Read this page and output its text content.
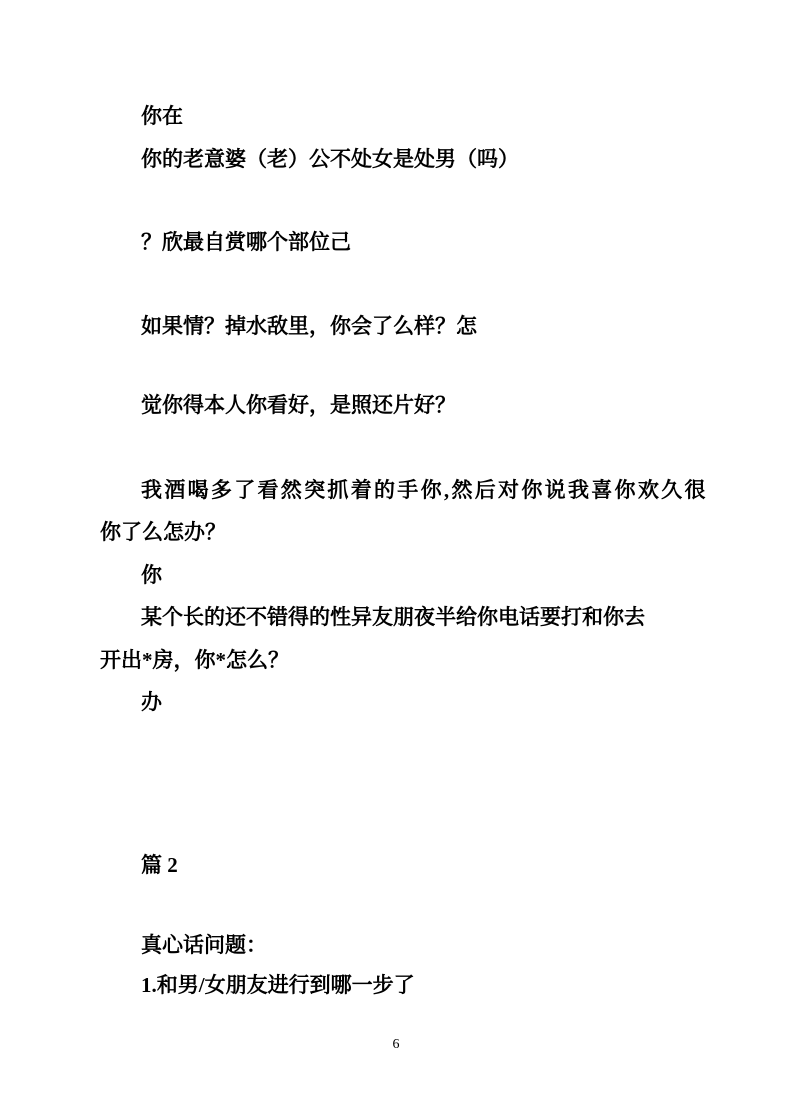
你在
你的老意婆（老）公不处女是处男（吗）
？欣最自赏哪个部位己
如果情？掉水敌里，你会了么样？怎
觉你得本人你看好，是照还片好？
我酒喝多了看然突抓着的手你,然后对你说我喜你欢久很
你了么怎办？
你
某个长的还不错得的性异友朋夜半给你电话要打和你去
开出*房，你*怎么？
办
篇 2
真心话问题：
1.和男/女朋友进行到哪一步了
6
